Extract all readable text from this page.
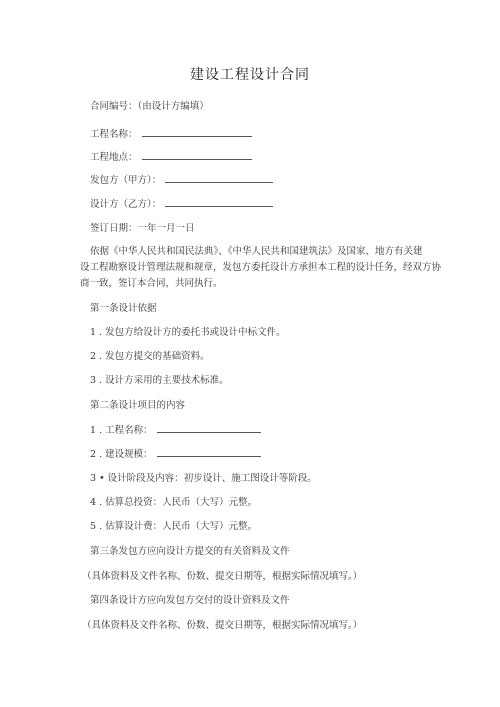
建设工程设计合同
合同编号：（由设计方编填）
工程名称：
工程地点：
发包方（甲方）：
设计方（乙方）：
签订日期：一年一月一日
依据《中华人民共和国民法典》、《中华人民共和国建筑法》及国家、地方有关建
设工程勘察设计管理法规和规章，发包方委托设计方承担本工程的设计任务，经双方协
商一致，签订本合同，共同执行。
第一条设计依据
1 . 发包方给设计方的委托书或设计中标文件。
2 . 发包方提交的基础资料。
3 . 设计方采用的主要技术标准。
第二条设计项目的内容
1 . 工程名称：
2 . 建设规模：
3 • 设计阶段及内容：初步设计、施工图设计等阶段。
4 . 估算总投资：人民币（大写）元整。
5 . 估算设计费：人民币（大写）元整。
第三条发包方应向设计方提交的有关资料及文件
（具体资料及文件名称、份数、提交日期等，根据实际情况填写。）
第四条设计方应向发包方交付的设计资料及文件
（具体资料及文件名称、份数、提交日期等，根据实际情况填写。）
